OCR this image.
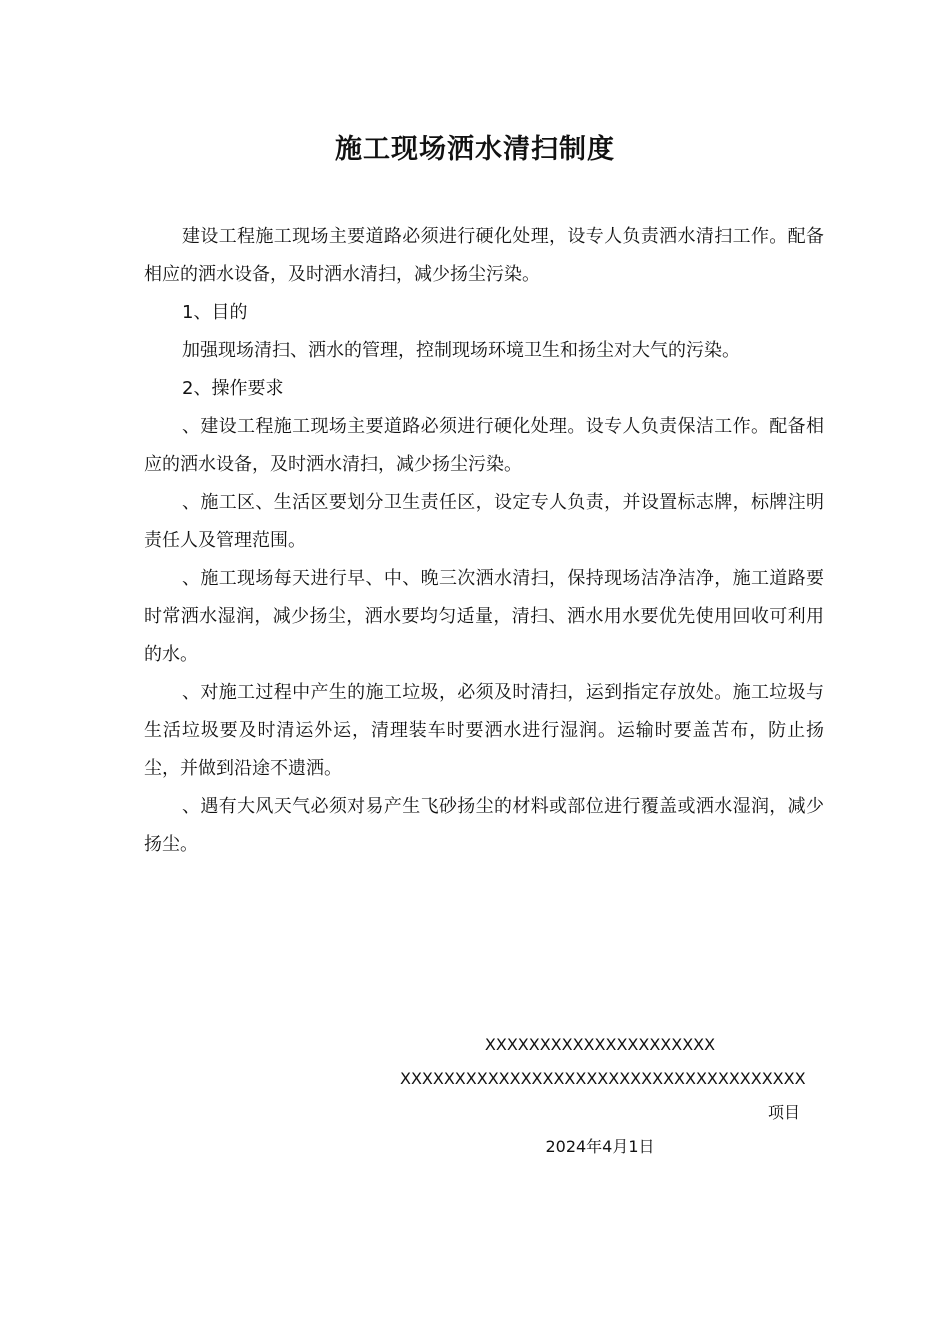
施工现场洒水清扫制度

建设工程施工现场主要道路必须进行硬化处理，设专人负责洒水清扫工作。配备相应的洒水设备，及时洒水清扫，减少扬尘污染。

1、目的

加强现场清扫、洒水的管理，控制现场环境卫生和扬尘对大气的污染。

2、操作要求

、建设工程施工现场主要道路必须进行硬化处理。设专人负责保洁工作。配备相应的洒水设备，及时洒水清扫，减少扬尘污染。

、施工区、生活区要划分卫生责任区，设定专人负责，并设置标志牌，标牌注明责任人及管理范围。

、施工现场每天进行早、中、晚三次洒水清扫，保持现场洁净洁净，施工道路要时常洒水湿润，减少扬尘，洒水要均匀适量，清扫、洒水用水要优先使用回收可利用的水。

、对施工过程中产生的施工垃圾，必须及时清扫，运到指定存放处。施工垃圾与生活垃圾要及时清运外运，清理装车时要洒水进行湿润。运输时要盖苫布，防止扬尘，并做到沿途不遗洒。

、遇有大风天气必须对易产生飞砂扬尘的材料或部位进行覆盖或洒水湿润，减少扬尘。

XXXXXXXXXXXXXXXXXXXXX
XXXXXXXXXXXXXXXXXXXXXXXXXXXXXXXXXXXXX项目
2024年4月1日
